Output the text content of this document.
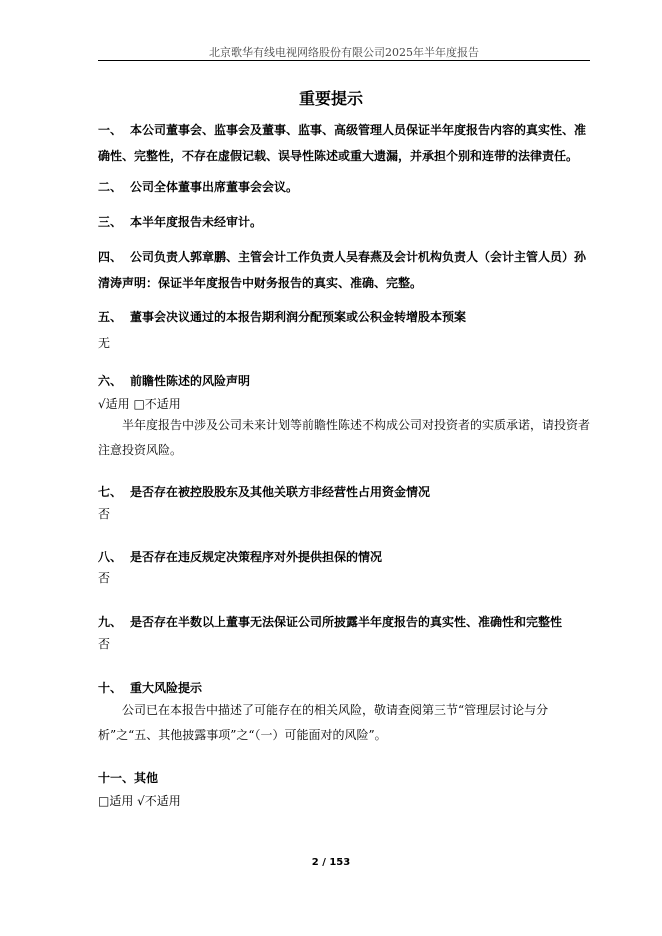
北京歌华有线电视网络股份有限公司2025年半年度报告
重要提示
一、 本公司董事会、监事会及董事、监事、高级管理人员保证半年度报告内容的真实性、准确性、完整性，不存在虚假记载、误导性陈述或重大遗漏，并承担个别和连带的法律责任。
二、 公司全体董事出席董事会会议。
三、 本半年度报告未经审计。
四、 公司负责人郭章鹏、主管会计工作负责人吴春燕及会计机构负责人（会计主管人员）孙清涛声明：保证半年度报告中财务报告的真实、准确、完整。
五、 董事会决议通过的本报告期利润分配预案或公积金转增股本预案
无
六、 前瞻性陈述的风险声明
√适用 □不适用
半年度报告中涉及公司未来计划等前瞻性陈述不构成公司对投资者的实质承诺，请投资者注意投资风险。
七、 是否存在被控股股东及其他关联方非经营性占用资金情况
否
八、 是否存在违反规定决策程序对外提供担保的情况
否
九、 是否存在半数以上董事无法保证公司所披露半年度报告的真实性、准确性和完整性
否
十、 重大风险提示
公司已在本报告中描述了可能存在的相关风险，敬请查阅第三节“管理层讨论与分析”之“五、其他披露事项”之“（一）可能面对的风险”。
十一、其他
□适用 √不适用
2 / 153
